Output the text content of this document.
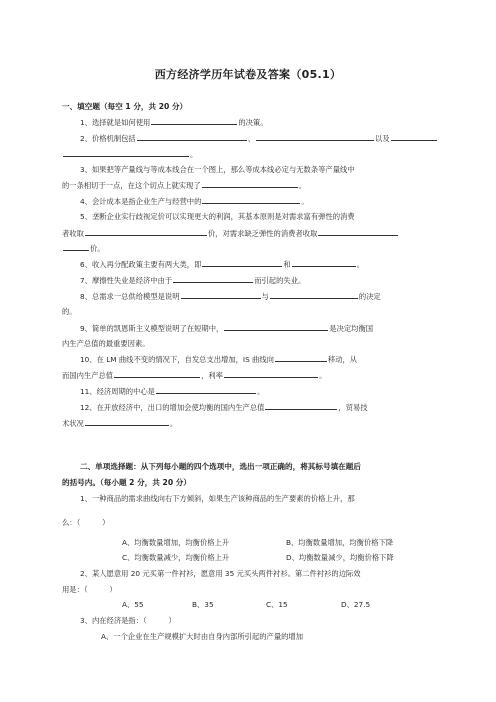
西方经济学历年试卷及答案（05.1）
一、填空题（每空 1 分，共 20 分）
1、选择就是如何使用	的决策。
2、价格机制包括	、	以及
。
3、如果把等产量线与等成本线合在一个图上，那么等成本线必定与无数条等产量线中
的一条相切于一点，在这个切点上就实现了	。
4、会计成本是指企业生产与经营中的	。
5、垄断企业实行歧视定价可以实现更大的利润，其基本原则是对需求富有弹性的消费
者收取	价，对需求缺乏弹性的消费者收取
价。
6、收入再分配政策主要有两大类，即	和	。
7、摩擦性失业是经济中由于	而引起的失业。
8、总需求一总供给模型是说明	与	的决定
的。
9、简单的凯恩斯主义模型说明了在短期中，	是决定均衡国
内生产总值的最重要因素。
10、在 LM 曲线不变的情况下，自发总支出增加，IS 曲线向	移动，从
而国内生产总值	，利率	。
11、经济周期的中心是	。
12、在开放经济中，出口的增加会使均衡的国内生产总值	，贸易技
术状况	。
二、单项选择题：从下列每小题的四个选项中，选出一项正确的，将其标号填在题后
的括号内。（每小题 2 分，共 20 分）
1、一种商品的需求曲线向右下方倾斜，如果生产该种商品的生产要素的价格上升，那
么：（　　　）
A、均衡数量增加，均衡价格上升	B、均衡数量增加，均衡价格下降
C、均衡数量减少，均衡价格上升	D、均衡数量减少，均衡价格下降
2、某人愿意用 20 元买第一件衬衫，愿意用 35 元买头两件衬衫。第二件衬衫的边际效
用是：（　　　）
A、55	B、35	C、15	D、27.5
3、内在经济是指：（　　　）
A、一个企业在生产规模扩大时由自身内部所引起的产量的增加
